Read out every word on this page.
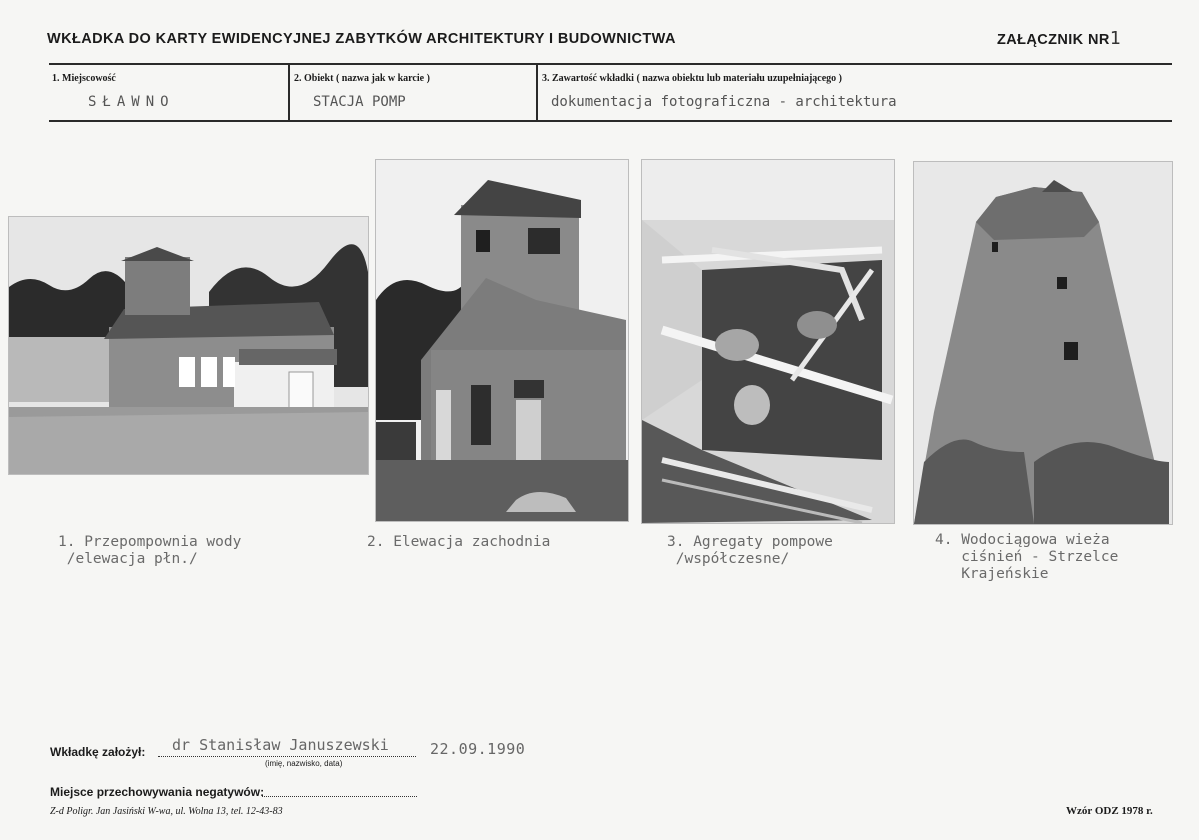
WKŁADKA DO KARTY EWIDENCYJNEJ ZABYTKÓW ARCHITEKTURY I BUDOWNICTWA	ZAŁĄCZNIK NR1
1. Miejscowość
SŁAWNO
2. Obiekt ( nazwa jak w karcie )
STACJA POMP
3. Zawartość wkładki ( nazwa obiektu lub materiału uzupełniającego )
dokumentacja fotograficzna - architektura
1. Przepompownia wody
/elewacja płn./
2. Elewacja zachodnia	3. Agregaty pompowe
/współczesne/
4. Wodociągowa wieża
ciśnień - Strzelce
Krajeńskie
Wkładkę założył: dr Stanisław Januszewski	22.09.1990
(imię, nazwisko, data)
Miejsce przechowywania negatywów:
Z-d Poligr. Jan Jasiński W-wa, ul. Wolna 13, tel. 12-43-83	Wzór ODZ 1978 r.
